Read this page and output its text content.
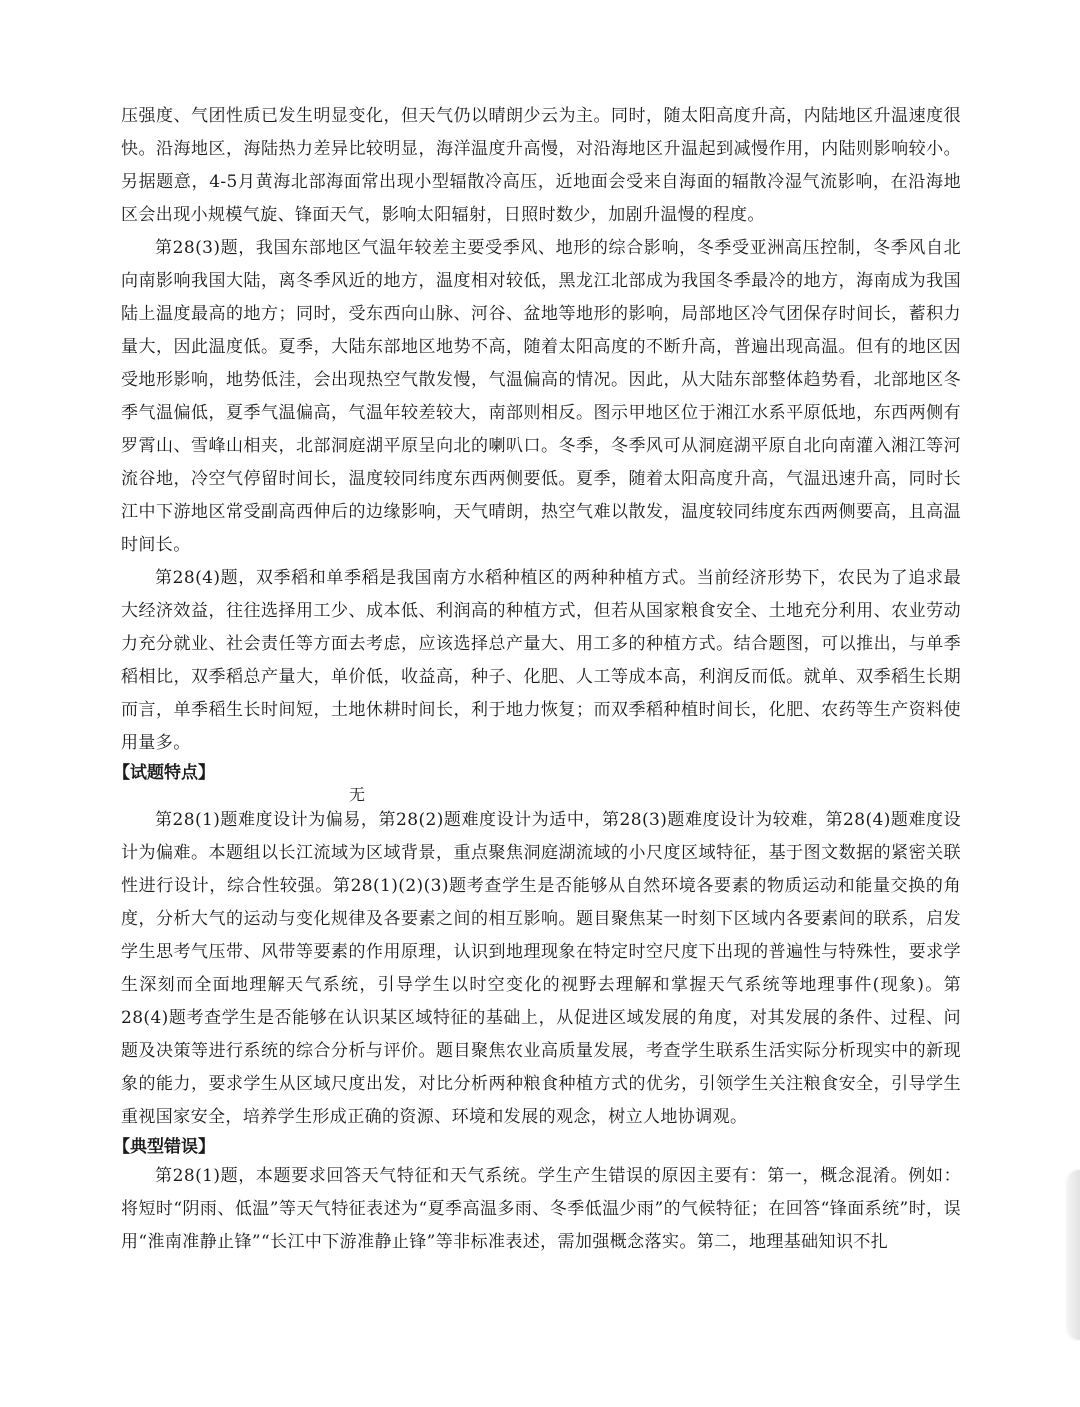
压强度、气团性质已发生明显变化，但天气仍以晴朗少云为主。同时，随太阳高度升高，内陆地区升温速度很快。沿海地区，海陆热力差异比较明显，海洋温度升高慢，对沿海地区升温起到减慢作用，内陆则影响较小。另据题意，4-5月黄海北部海面常出现小型辐散冷高压，近地面会受来自海面的辐散冷湿气流影响，在沿海地区会出现小规模气旋、锋面天气，影响太阳辐射，日照时数少，加剧升温慢的程度。

第28(3)题，我国东部地区气温年较差主要受季风、地形的综合影响，冬季受亚洲高压控制，冬季风自北向南影响我国大陆，离冬季风近的地方，温度相对较低，黑龙江北部成为我国冬季最冷的地方，海南成为我国陆上温度最高的地方；同时，受东西向山脉、河谷、盆地等地形的影响，局部地区冷气团保存时间长，蓄积力量大，因此温度低。夏季，大陆东部地区地势不高，随着太阳高度的不断升高，普遍出现高温。但有的地区因受地形影响，地势低洼，会出现热空气散发慢，气温偏高的情况。因此，从大陆东部整体趋势看，北部地区冬季气温偏低，夏季气温偏高，气温年较差较大，南部则相反。图示甲地区位于湘江水系平原低地，东西两侧有罗霄山、雪峰山相夹，北部洞庭湖平原呈向北的喇叭口。冬季，冬季风可从洞庭湖平原自北向南灌入湘江等河流谷地，冷空气停留时间长，温度较同纬度东西两侧要低。夏季，随着太阳高度升高，气温迅速升高，同时长江中下游地区常受副高西伸后的边缘影响，天气晴朗，热空气难以散发，温度较同纬度东西两侧要高，且高温时间长。

第28(4)题，双季稻和单季稻是我国南方水稻种植区的两种种植方式。当前经济形势下，农民为了追求最大经济效益，往往选择用工少、成本低、利润高的种植方式，但若从国家粮食安全、土地充分利用、农业劳动力充分就业、社会责任等方面去考虑，应该选择总产量大、用工多的种植方式。结合题图，可以推出，与单季稻相比，双季稻总产量大，单价低，收益高，种子、化肥、人工等成本高，利润反而低。就单、双季稻生长期而言，单季稻生长时间短，土地休耕时间长，利于地力恢复；而双季稻种植时间长，化肥、农药等生产资料使用量多。

【试题特点】

无

第28(1)题难度设计为偏易，第28(2)题难度设计为适中，第28(3)题难度设计为较难，第28(4)题难度设计为偏难。本题组以长江流域为区域背景，重点聚焦洞庭湖流域的小尺度区域特征，基于图文数据的紧密关联性进行设计，综合性较强。第28(1)(2)(3)题考查学生是否能够从自然环境各要素的物质运动和能量交换的角度，分析大气的运动与变化规律及各要素之间的相互影响。题目聚焦某一时刻下区域内各要素间的联系，启发学生思考气压带、风带等要素的作用原理，认识到地理现象在特定时空尺度下出现的普遍性与特殊性，要求学生深刻而全面地理解天气系统，引导学生以时空变化的视野去理解和掌握天气系统等地理事件(现象)。第28(4)题考查学生是否能够在认识某区域特征的基础上，从促进区域发展的角度，对其发展的条件、过程、问题及决策等进行系统的综合分析与评价。题目聚焦农业高质量发展，考查学生联系生活实际分析现实中的新现象的能力，要求学生从区域尺度出发，对比分析两种粮食种植方式的优劣，引领学生关注粮食安全，引导学生重视国家安全，培养学生形成正确的资源、环境和发展的观念，树立人地协调观。

【典型错误】

第28(1)题，本题要求回答天气特征和天气系统。学生产生错误的原因主要有：第一，概念混淆。例如：将短时“阴雨、低温”等天气特征表述为“夏季高温多雨、冬季低温少雨”的气候特征；在回答“锋面系统”时，误用“淮南准静止锋”“长江中下游准静止锋”等非标准表述，需加强概念落实。第二，地理基础知识不扎
